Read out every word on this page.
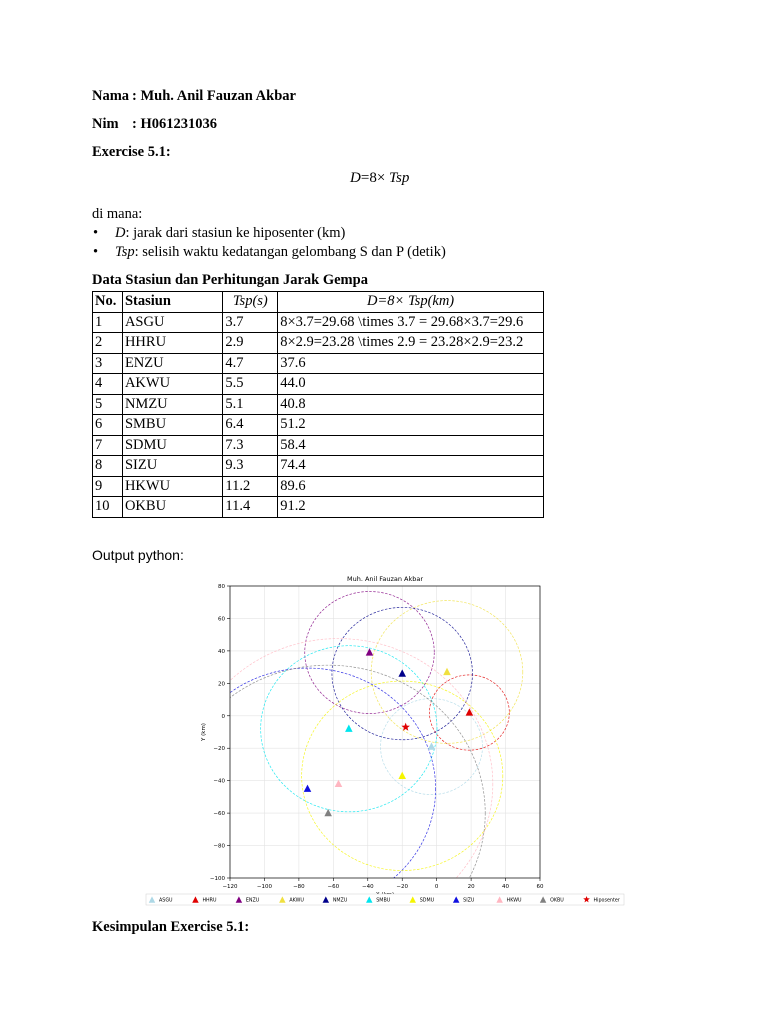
Nama : Muh. Anil Fauzan Akbar
Nim : H061231036
Exercise 5.1:
D=8× Tsp
di mana:
• D: jarak dari stasiun ke hiposenter (km)
• Tsp: selisih waktu kedatangan gelombang S dan P (detik)
Data Stasiun dan Perhitungan Jarak Gempa
No.	Stasiun	Tsp(s)	D=8× Tsp(km)
1	ASGU	3.7	8×3.7=29.68 \times 3.7 = 29.68×3.7=29.6
2	HHRU	2.9	8×2.9=23.28 \times 2.9 = 23.28×2.9=23.2
3	ENZU	4.7	37.6
4	AKWU	5.5	44.0
5	NMZU	5.1	40.8
6	SMBU	6.4	51.2
7	SDMU	7.3	58.4
8	SIZU	9.3	74.4
9	HKWU	11.2	89.6
10	OKBU	11.4	91.2
Output python:
−120	−100	−80	−60	−40	−20	0	20	40	60
−100
−80
−60
−40
−20
0
20
40
60
80
Muh. Anil Fauzan Akbar
Y (km)
ASGU	HHRU	ENZU	AKWU	NMZU	SMBU	SDMU	SIZU	HKWU	OKBU	Hiposenter
Kesimpulan Exercise 5.1:
